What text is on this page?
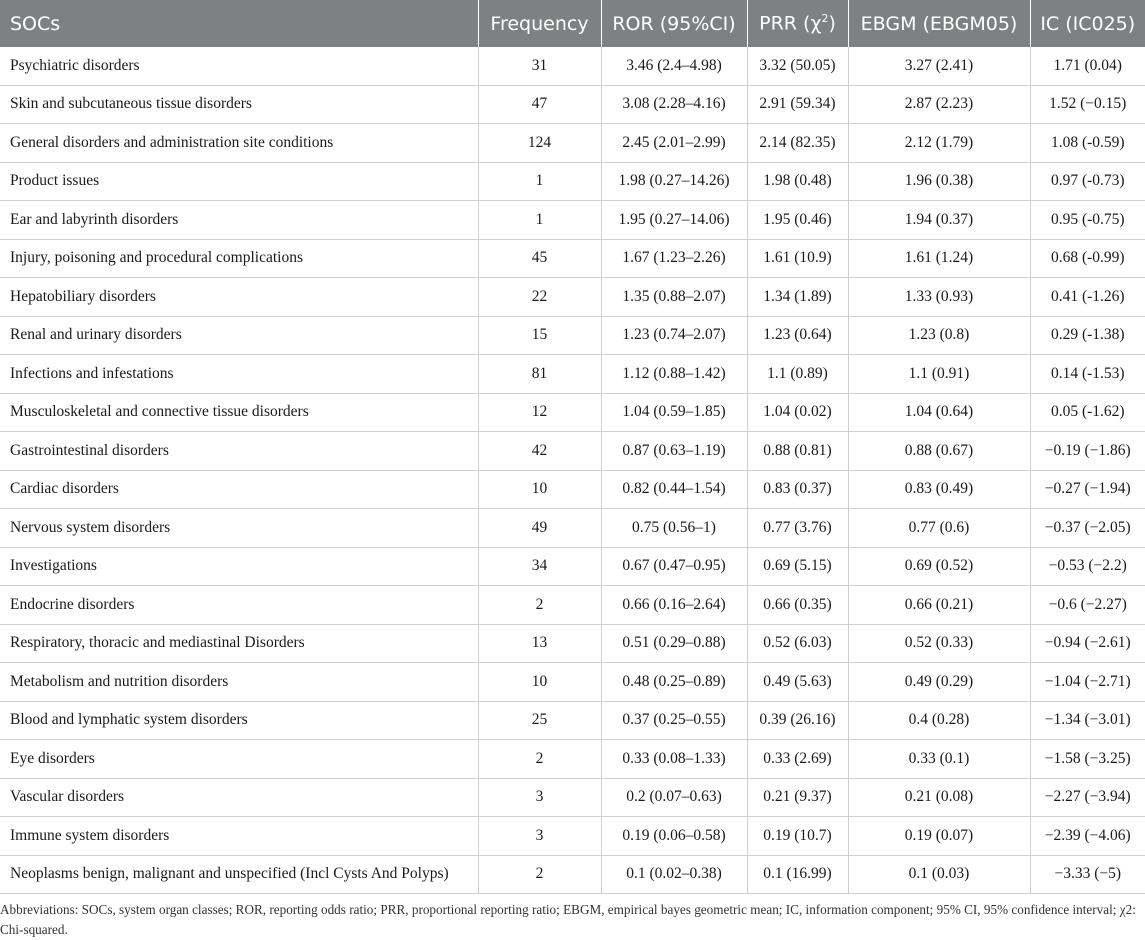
SOCs	Frequency	ROR (95%CI)	PRR $(\chi^2)$	EBGM (EBGM05)	IC (IC025)
Psychiatric disorders	31	3.46 (2.4–4.98)	3.32 (50.05)	3.27 (2.41)	1.71 (0.04)
Skin and subcutaneous tissue disorders	47	3.08 (2.28–4.16)	2.91 (59.34)	2.87 (2.23)	1.52 (−0.15)
General disorders and administration site conditions	124	2.45 (2.01–2.99)	2.14 (82.35)	2.12 (1.79)	1.08 (-0.59)
Product issues	1	1.98 (0.27–14.26)	1.98 (0.48)	1.96 (0.38)	0.97 (-0.73)
Ear and labyrinth disorders	1	1.95 (0.27–14.06)	1.95 (0.46)	1.94 (0.37)	0.95 (-0.75)
Injury, poisoning and procedural complications	45	1.67 (1.23–2.26)	1.61 (10.9)	1.61 (1.24)	0.68 (-0.99)
Hepatobiliary disorders	22	1.35 (0.88–2.07)	1.34 (1.89)	1.33 (0.93)	0.41 (-1.26)
Renal and urinary disorders	15	1.23 (0.74–2.07)	1.23 (0.64)	1.23 (0.8)	0.29 (-1.38)
Infections and infestations	81	1.12 (0.88–1.42)	1.1 (0.89)	1.1 (0.91)	0.14 (-1.53)
Musculoskeletal and connective tissue disorders	12	1.04 (0.59–1.85)	1.04 (0.02)	1.04 (0.64)	0.05 (-1.62)
Gastrointestinal disorders	42	0.87 (0.63–1.19)	0.88 (0.81)	0.88 (0.67)	−0.19 (−1.86)
Cardiac disorders	10	0.82 (0.44–1.54)	0.83 (0.37)	0.83 (0.49)	−0.27 (−1.94)
Nervous system disorders	49	0.75 (0.56–1)	0.77 (3.76)	0.77 (0.6)	−0.37 (−2.05)
Investigations	34	0.67 (0.47–0.95)	0.69 (5.15)	0.69 (0.52)	−0.53 (−2.2)
Endocrine disorders	2	0.66 (0.16–2.64)	0.66 (0.35)	0.66 (0.21)	−0.6 (−2.27)
Respiratory, thoracic and mediastinal Disorders	13	0.51 (0.29–0.88)	0.52 (6.03)	0.52 (0.33)	−0.94 (−2.61)
Metabolism and nutrition disorders	10	0.48 (0.25–0.89)	0.49 (5.63)	0.49 (0.29)	−1.04 (−2.71)
Blood and lymphatic system disorders	25	0.37 (0.25–0.55)	0.39 (26.16)	0.4 (0.28)	−1.34 (−3.01)
Eye disorders	2	0.33 (0.08–1.33)	0.33 (2.69)	0.33 (0.1)	−1.58 (−3.25)
Vascular disorders	3	0.2 (0.07–0.63)	0.21 (9.37)	0.21 (0.08)	−2.27 (−3.94)
Immune system disorders	3	0.19 (0.06–0.58)	0.19 (10.7)	0.19 (0.07)	−2.39 (−4.06)
Neoplasms benign, malignant and unspecified (Incl Cysts And Polyps)	2	0.1 (0.02–0.38)	0.1 (16.99)	0.1 (0.03)	−3.33 (−5)
Abbreviations: SOCs, system organ classes; ROR, reporting odds ratio; PRR, proportional reporting ratio; EBGM, empirical bayes geometric mean; IC, information component; 95% CI, 95% confidence interval; χ2: Chi-squared.
